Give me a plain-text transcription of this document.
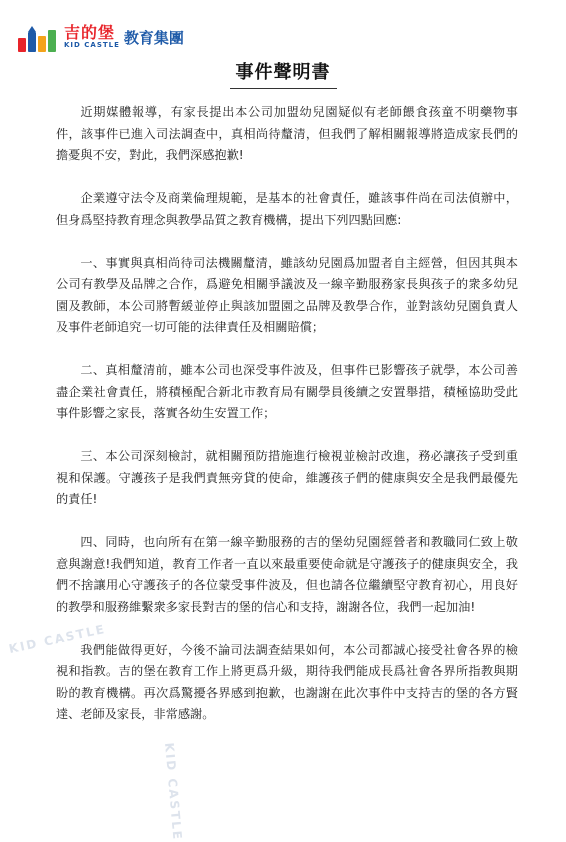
吉的堡
KID CASTLE 教育集團
事件聲明書
KID CASTLE
KID CASTLE

近期媒體報導，有家長提出本公司加盟幼兒園疑似有老師餵食孩童不明藥物事件，該事件已進入司法調查中，真相尚待釐清，但我們了解相關報導將造成家長們的擔憂與不安，對此，我們深感抱歉!

企業遵守法令及商業倫理規範，是基本的社會責任，雖該事件尚在司法偵辦中，但身爲堅持教育理念與教學品質之教育機構，提出下列四點回應:

一、事實與真相尚待司法機關釐清，雖該幼兒園爲加盟者自主經營，但因其與本公司有教學及品牌之合作，爲避免相關爭議波及一線辛勤服務家長與孩子的衆多幼兒園及教師，本公司將暫緩並停止與該加盟園之品牌及教學合作，並對該幼兒園負責人及事件老師追究一切可能的法律責任及相關賠償；

二、真相釐清前，雖本公司也深受事件波及，但事件已影響孩子就學，本公司善盡企業社會責任，將積極配合新北市教育局有關學員後續之安置舉措，積極協助受此事件影響之家長，落實各幼生安置工作；

三、本公司深刻檢討，就相關預防措施進行檢視並檢討改進，務必讓孩子受到重視和保護。守護孩子是我們責無旁貸的使命，維護孩子們的健康與安全是我們最優先的責任!

四、同時，也向所有在第一線辛勤服務的吉的堡幼兒園經營者和教職同仁致上敬意與謝意!我們知道，教育工作者一直以來最重要使命就是守護孩子的健康與安全，我們不捨讓用心守護孩子的各位蒙受事件波及，但也請各位繼續堅守教育初心，用良好的教學和服務維繫衆多家長對吉的堡的信心和支持，謝謝各位，我們一起加油!

我們能做得更好，今後不論司法調查結果如何，本公司都誠心接受社會各界的檢視和指教。吉的堡在教育工作上將更爲升級，期待我們能成長爲社會各界所指教與期盼的教育機構。再次爲驚擾各界感到抱歉，也謝謝在此次事件中支持吉的堡的各方賢達、老師及家長，非常感謝。
